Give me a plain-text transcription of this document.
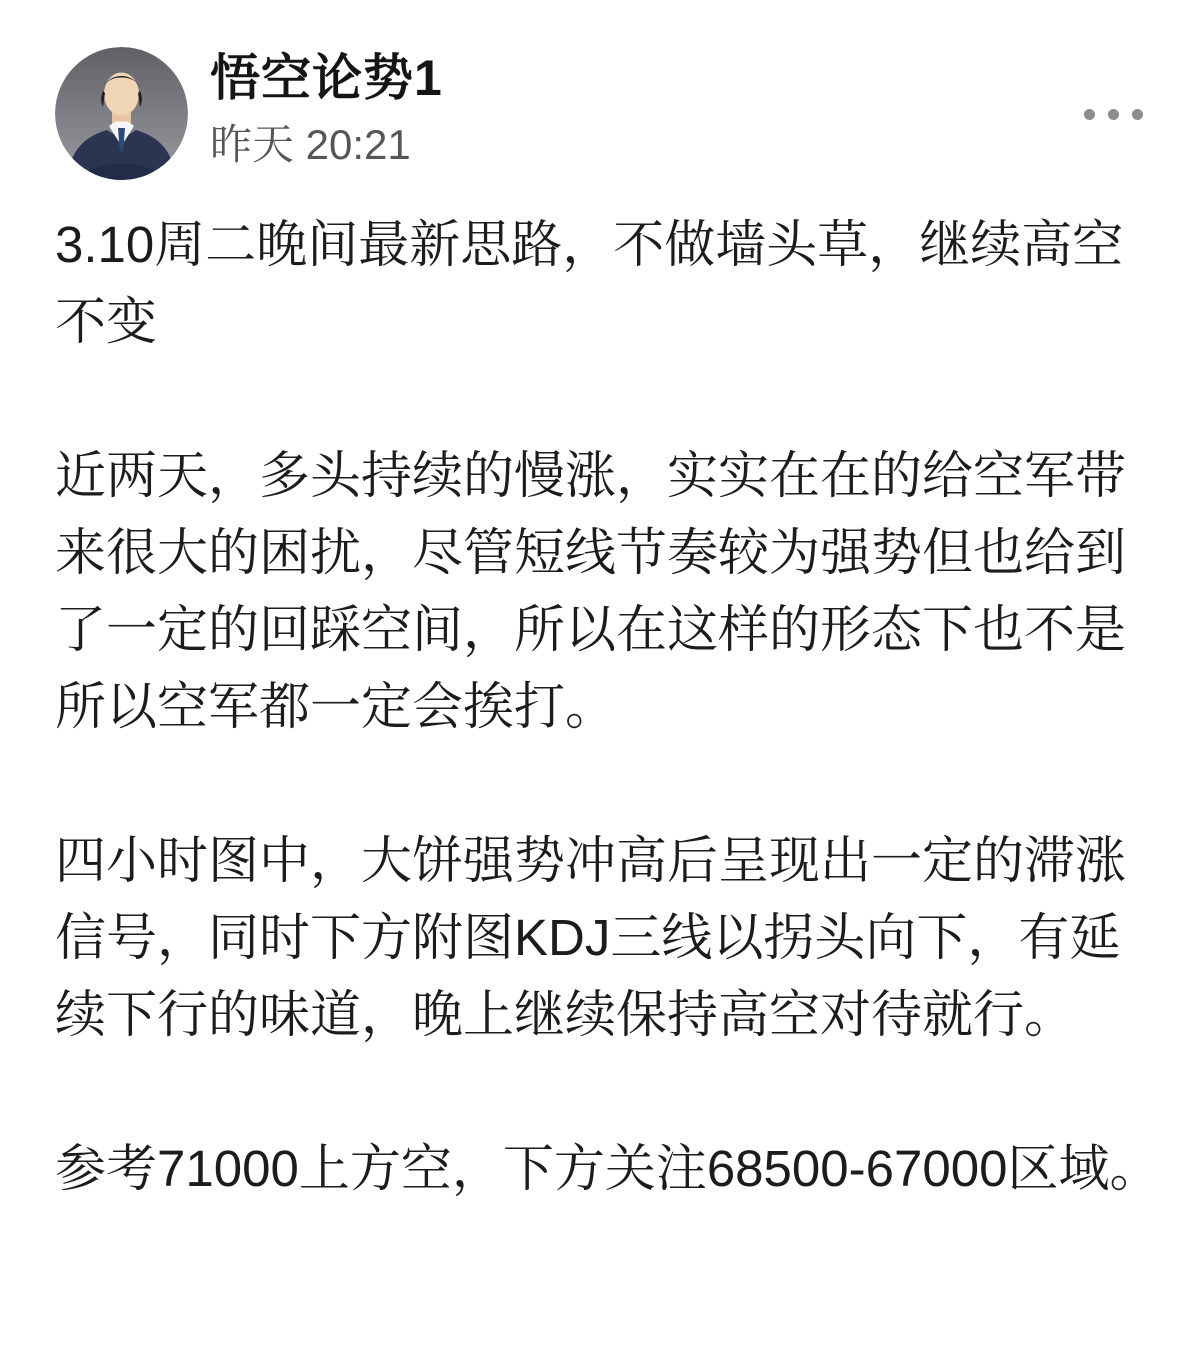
悟空论势1
昨天 20:21
3.10周二晚间最新思路，不做墙头草，继续高空
不变
近两天，多头持续的慢涨，实实在在的给空军带
来很大的困扰，尽管短线节奏较为强势但也给到
了一定的回踩空间，所以在这样的形态下也不是
所以空军都一定会挨打。
四小时图中，大饼强势冲高后呈现出一定的滞涨
信号，同时下方附图KDJ三线以拐头向下，有延
续下行的味道，晚上继续保持高空对待就行。
参考71000上方空，下方关注68500-67000区域。
